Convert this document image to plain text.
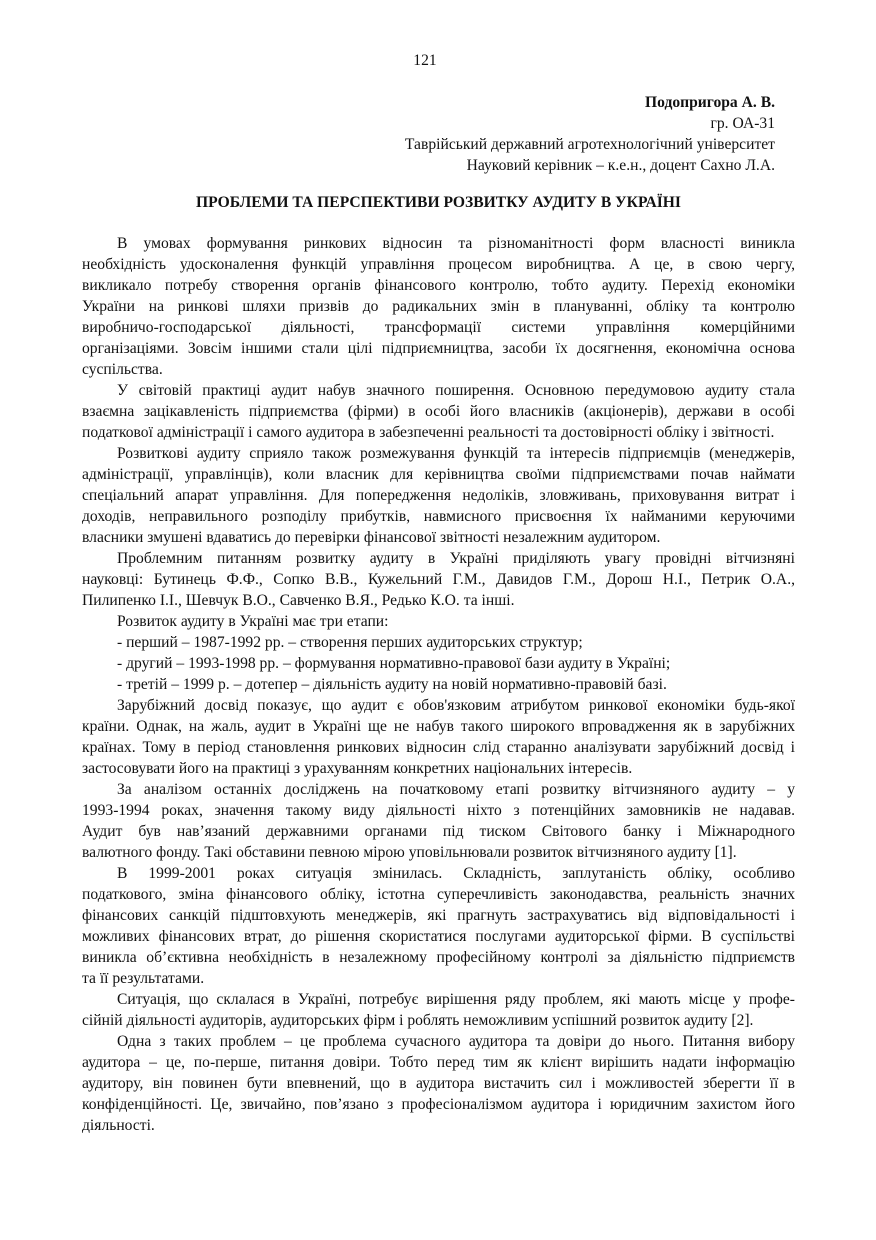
121
Подопригора А. В.
гр. ОА-31
Таврійський державний агротехнологічний університет
Науковий керівник – к.е.н., доцент Сахно Л.А.
ПРОБЛЕМИ ТА ПЕРСПЕКТИВИ РОЗВИТКУ АУДИТУ В УКРАЇНІ
В умовах формування ринкових відносин та різноманітності форм власності виникла
необхідність удосконалення функцій управління процесом виробництва. А це, в свою чергу,
викликало потребу створення органів фінансового контролю, тобто аудиту. Перехід економіки
України на ринкові шляхи призвів до радикальних змін в плануванні, обліку та контролю
виробничо-господарської діяльності, трансформації системи управління комерційними
організаціями. Зовсім іншими стали цілі підприємництва, засоби їх досягнення, економічна основа
суспільства.
У світовій практиці аудит набув значного поширення. Основною передумовою аудиту стала
взаємна зацікавленість підприємства (фірми) в особі його власників (акціонерів), держави в особі
податкової адміністрації і самого аудитора в забезпеченні реальності та достовірності обліку і звітності.
Розвиткові аудиту сприяло також розмежування функцій та інтересів підприємців (менеджерів,
адміністрації, управлінців), коли власник для керівництва своїми підприємствами почав наймати
спеціальний апарат управління. Для попередження недоліків, зловживань, приховування витрат і
доходів, неправильного розподілу прибутків, навмисного присвоєння їх найманими керуючими
власники змушені вдаватись до перевірки фінансової звітності незалежним аудитором.
Проблемним питанням розвитку аудиту в Україні приділяють увагу провідні вітчизняні
науковці: Бутинець Ф.Ф., Сопко В.В., Кужельний Г.М., Давидов Г.М., Дорош Н.І., Петрик О.А.,
Пилипенко І.І., Шевчук В.О., Савченко В.Я., Редько К.О. та інші.
Розвиток аудиту в Україні має три етапи:
- перший – 1987-1992 рр. – створення перших аудиторських структур;
- другий – 1993-1998 рр. – формування нормативно-правової бази аудиту в Україні;
- третій – 1999 р. – дотепер – діяльність аудиту на новій нормативно-правовій базі.
Зарубіжний досвід показує, що аудит є обов'язковим атрибутом ринкової економіки будь-якої
країни. Однак, на жаль, аудит в Україні ще не набув такого широкого впровадження як в зарубіжних
країнах. Тому в період становлення ринкових відносин слід старанно аналізувати зарубіжний досвід і
застосовувати його на практиці з урахуванням конкретних національних інтересів.
За аналізом останніх досліджень на початковому етапі розвитку вітчизняного аудиту – у
1993-1994 роках, значення такому виду діяльності ніхто з потенційних замовників не надавав.
Аудит був нав’язаний державними органами під тиском Світового банку і Міжнародного
валютного фонду. Такі обставини певною мірою уповільнювали розвиток вітчизняного аудиту [1].
В 1999-2001 роках ситуація змінилась. Складність, заплутаність обліку, особливо
податкового, зміна фінансового обліку, істотна суперечливість законодавства, реальність значних
фінансових санкцій підштовхують менеджерів, які прагнуть застрахуватись від відповідальності і
можливих фінансових втрат, до рішення скористатися послугами аудиторської фірми. В суспільстві
виникла об’єктивна необхідність в незалежному професійному контролі за діяльністю підприємств
та її результатами.
Ситуація, що склалася в Україні, потребує вирішення ряду проблем, які мають місце у профе-
сійній діяльності аудиторів, аудиторських фірм і роблять неможливим успішний розвиток аудиту [2].
Одна з таких проблем – це проблема сучасного аудитора та довіри до нього. Питання вибору
аудитора – це, по-перше, питання довіри. Тобто перед тим як клієнт вирішить надати інформацію
аудитору, він повинен бути впевнений, що в аудитора вистачить сил і можливостей зберегти її в
конфіденційності. Це, звичайно, пов’язано з професіоналізмом аудитора і юридичним захистом його
діяльності.
